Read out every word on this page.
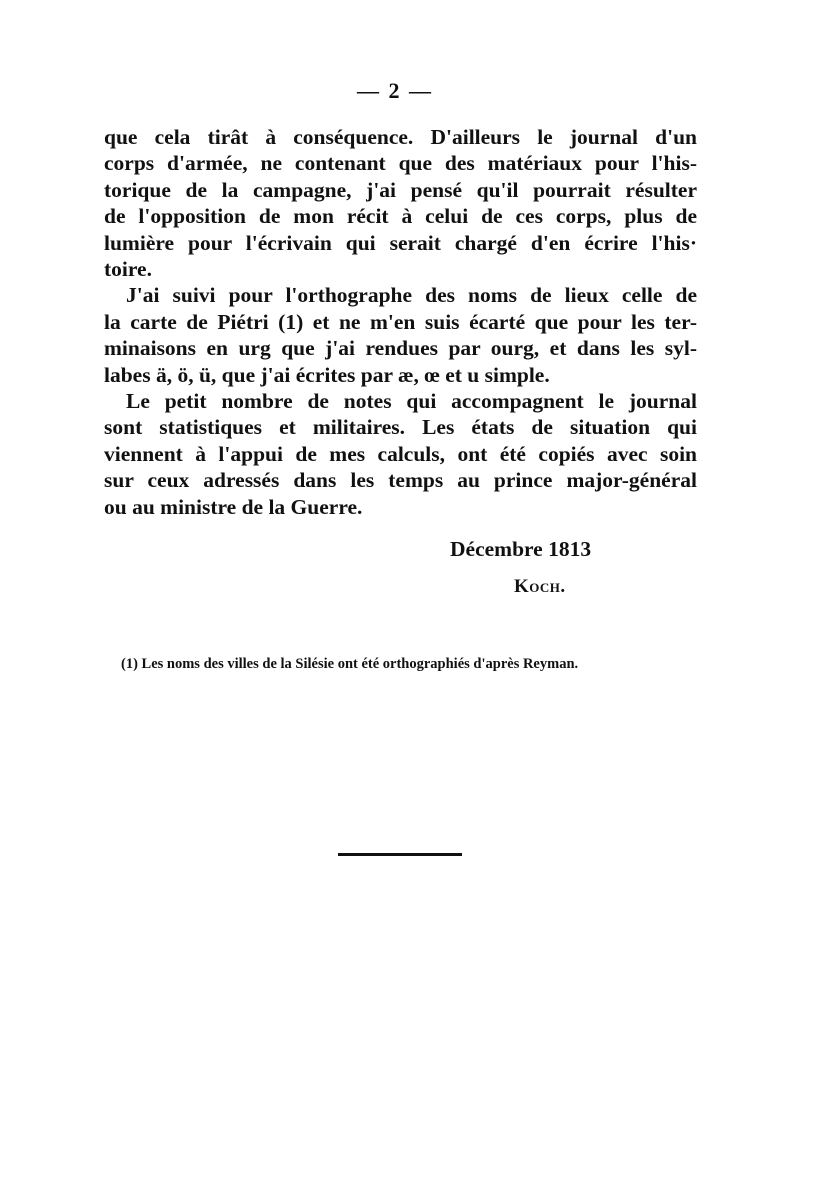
— 2 —

que cela tirât à conséquence. D'ailleurs le journal d'un
corps d'armée, ne contenant que des matériaux pour l'his-
torique de la campagne, j'ai pensé qu'il pourrait résulter
de l'opposition de mon récit à celui de ces corps, plus de
lumière pour l'écrivain qui serait chargé d'en écrire l'his·
toire.

J'ai suivi pour l'orthographe des noms de lieux celle de
la carte de Piétri (1) et ne m'en suis écarté que pour les ter-
minaisons en urg que j'ai rendues par ourg, et dans les syl-
labes ä, ö, ü, que j'ai écrites par æ, œ et u simple.

Le petit nombre de notes qui accompagnent le journal
sont statistiques et militaires. Les états de situation qui
viennent à l'appui de mes calculs, ont été copiés avec soin
sur ceux adressés dans les temps au prince major-général
ou au ministre de la Guerre.

Décembre 1813
Koch.
(1) Les noms des villes de la Silésie ont été orthographiés d'après Reyman.
